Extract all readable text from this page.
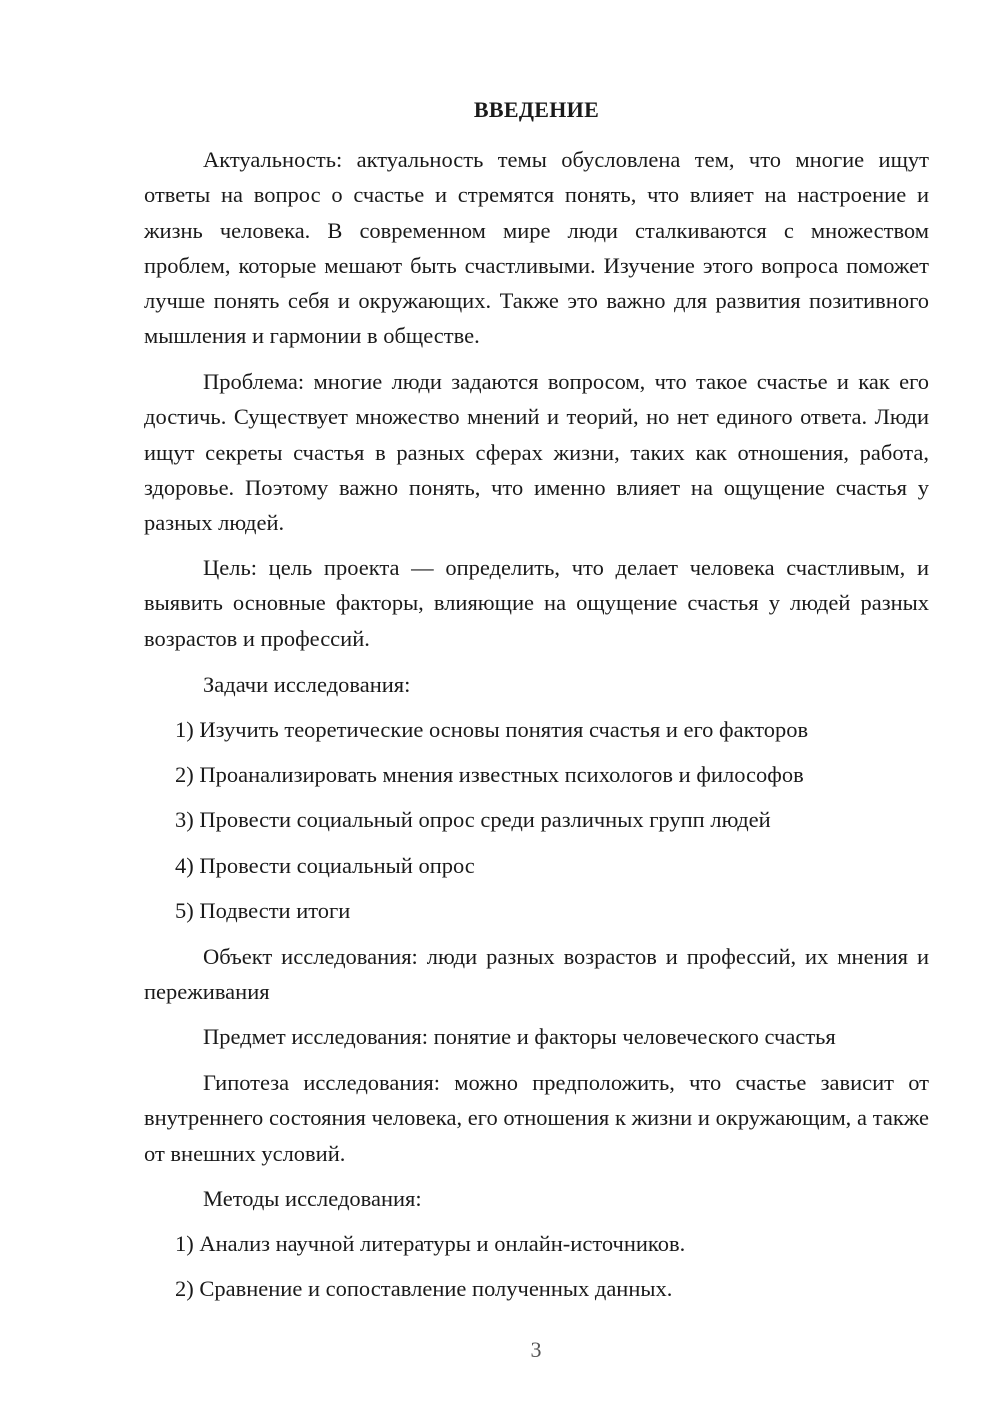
ВВЕДЕНИЕ

Актуальность: актуальность темы обусловлена тем, что многие ищут ответы на вопрос о счастье и стремятся понять, что влияет на настроение и жизнь человека. В современном мире люди сталкиваются с множеством проблем, которые мешают быть счастливыми. Изучение этого вопроса поможет лучше понять себя и окружающих. Также это важно для развития позитивного мышления и гармонии в обществе.

Проблема: многие люди задаются вопросом, что такое счастье и как его достичь. Существует множество мнений и теорий, но нет единого ответа. Люди ищут секреты счастья в разных сферах жизни, таких как отношения, работа, здоровье. Поэтому важно понять, что именно влияет на ощущение счастья у разных людей.

Цель: цель проекта — определить, что делает человека счастливым, и выявить основные факторы, влияющие на ощущение счастья у людей разных возрастов и профессий.

Задачи исследования:

1) Изучить теоретические основы понятия счастья и его факторов

2) Проанализировать мнения известных психологов и философов

3) Провести социальный опрос среди различных групп людей

4) Провести социальный опрос

5) Подвести итоги

Объект исследования: люди разных возрастов и профессий, их мнения и переживания

Предмет исследования: понятие и факторы человеческого счастья

Гипотеза исследования: можно предположить, что счастье зависит от внутреннего состояния человека, его отношения к жизни и окружающим, а также от внешних условий.

Методы исследования:

1) Анализ научной литературы и онлайн-источников.

2) Сравнение и сопоставление полученных данных.

3
